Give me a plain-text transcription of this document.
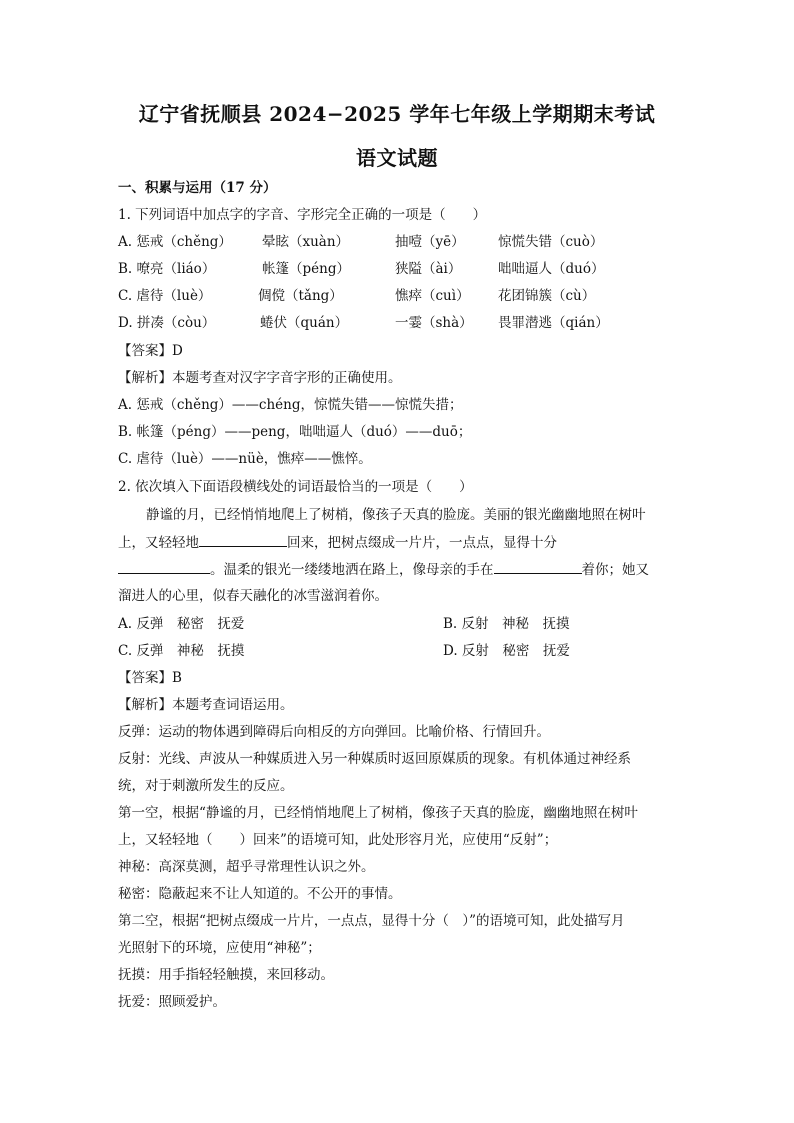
辽宁省抚顺县 2024−2025 学年七年级上学期期末考试
语文试题
一、积累与运用（17 分）
1. 下列词语中加点字的字音、字形完全正确的一项是（　　）
A. 惩戒（chěng） 晕眩（xuàn）	抽噎（yē） 惊慌失错（cuò）
B. 嘹亮（liáo）	帐篷（péng）	狭隘（ài）	咄咄逼人（duó）
C. 虐待（luè）	倜傥（tǎng）	憔瘁（cuì） 花团锦簇（cù）
D. 拼凑（còu）	蜷伏（quán）	一霎（shà） 畏罪潜逃（qián）
【答案】D
【解析】本题考查对汉字字音字形的正确使用。
A. 惩戒（chěng）——chéng，惊慌失错——惊慌失措；
B. 帐篷（péng）——peng，咄咄逼人（duó）——duō；
C. 虐待（luè）——nüè，憔瘁——憔悴。
2. 依次填入下面语段横线处的词语最恰当的一项是（　　）
静谧的月，已经悄悄地爬上了树梢，像孩子天真的脸庞。美丽的银光幽幽地照在树叶
上，又轻轻地	回来，把树点缀成一片片，一点点，显得十分
。温柔的银光一缕缕地洒在路上，像母亲的手在	着你；她又
溜进人的心里，似春天融化的冰雪滋润着你。
A. 反弹　秘密　抚爱	B. 反射　神秘　抚摸
C. 反弹　神秘　抚摸	D. 反射　秘密　抚爱
【答案】B
【解析】本题考查词语运用。
反弹：运动的物体遇到障碍后向相反的方向弹回。比喻价格、行情回升。
反射：光线、声波从一种媒质进入另一种媒质时返回原媒质的现象。有机体通过神经系
统，对于刺激所发生的反应。
第一空，根据“静谧的月，已经悄悄地爬上了树梢，像孩子天真的脸庞，幽幽地照在树叶
上，又轻轻地（　　）回来”的语境可知，此处形容月光，应使用“反射”；
神秘：高深莫测，超乎寻常理性认识之外。
秘密：隐蔽起来不让人知道的。不公开的事情。
第二空，根据“把树点缀成一片片，一点点，显得十分（　）”的语境可知，此处描写月
光照射下的环境，应使用“神秘”；
抚摸：用手指轻轻触摸，来回移动。
抚爱：照顾爱护。
